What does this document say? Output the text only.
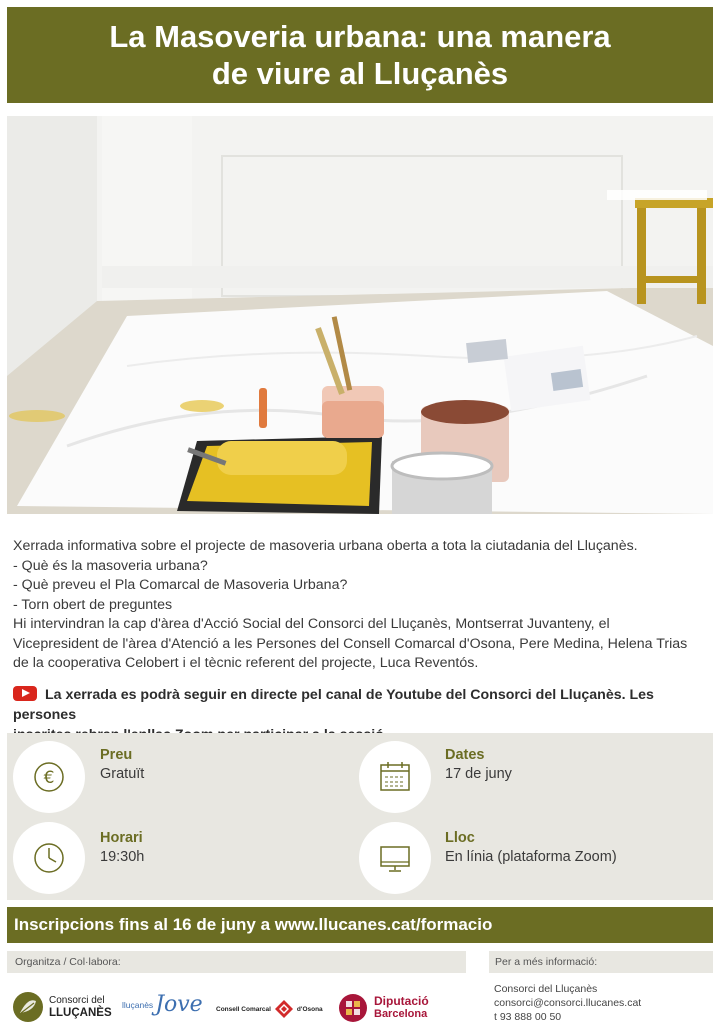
La Masoveria urbana: una manera
de viure al Lluçanès
Xerrada informativa sobre el projecte de masoveria urbana oberta a tota la ciutadania del Lluçanès.
- Què és la masoveria urbana?
- Què preveu el Pla Comarcal de Masoveria Urbana?
- Torn obert de preguntes
Hi intervindran la cap d'àrea d'Acció Social del Consorci del Lluçanès, Montserrat Juvanteny, el
Vicepresident de l'àrea d'Atenció a les Persones del Consell Comarcal d'Osona, Pere Medina, Helena Trias
de la cooperativa Celobert i el tècnic referent del projecte, Luca Reventós.
La xerrada es podrà seguir en directe pel canal de Youtube del Consorci del Lluçanès. Les persones
€
Preu
Gratuït
Dates
17 de juny
Horari
19:30h
Lloc
En línia (plataforma Zoom)
Inscripcions fins al 16 de juny a www.llucanes.cat/formacio
Organitza / Col·labora:	Per a més informació:
Consorci del Lluçanès
consorci@consorci.llucanes.cat
t 93 888 00 50
Consorci del
LLUÇANÈS
lluçanès Jove Consell Comarcal	d'Osona
Diputació
Barcelona
